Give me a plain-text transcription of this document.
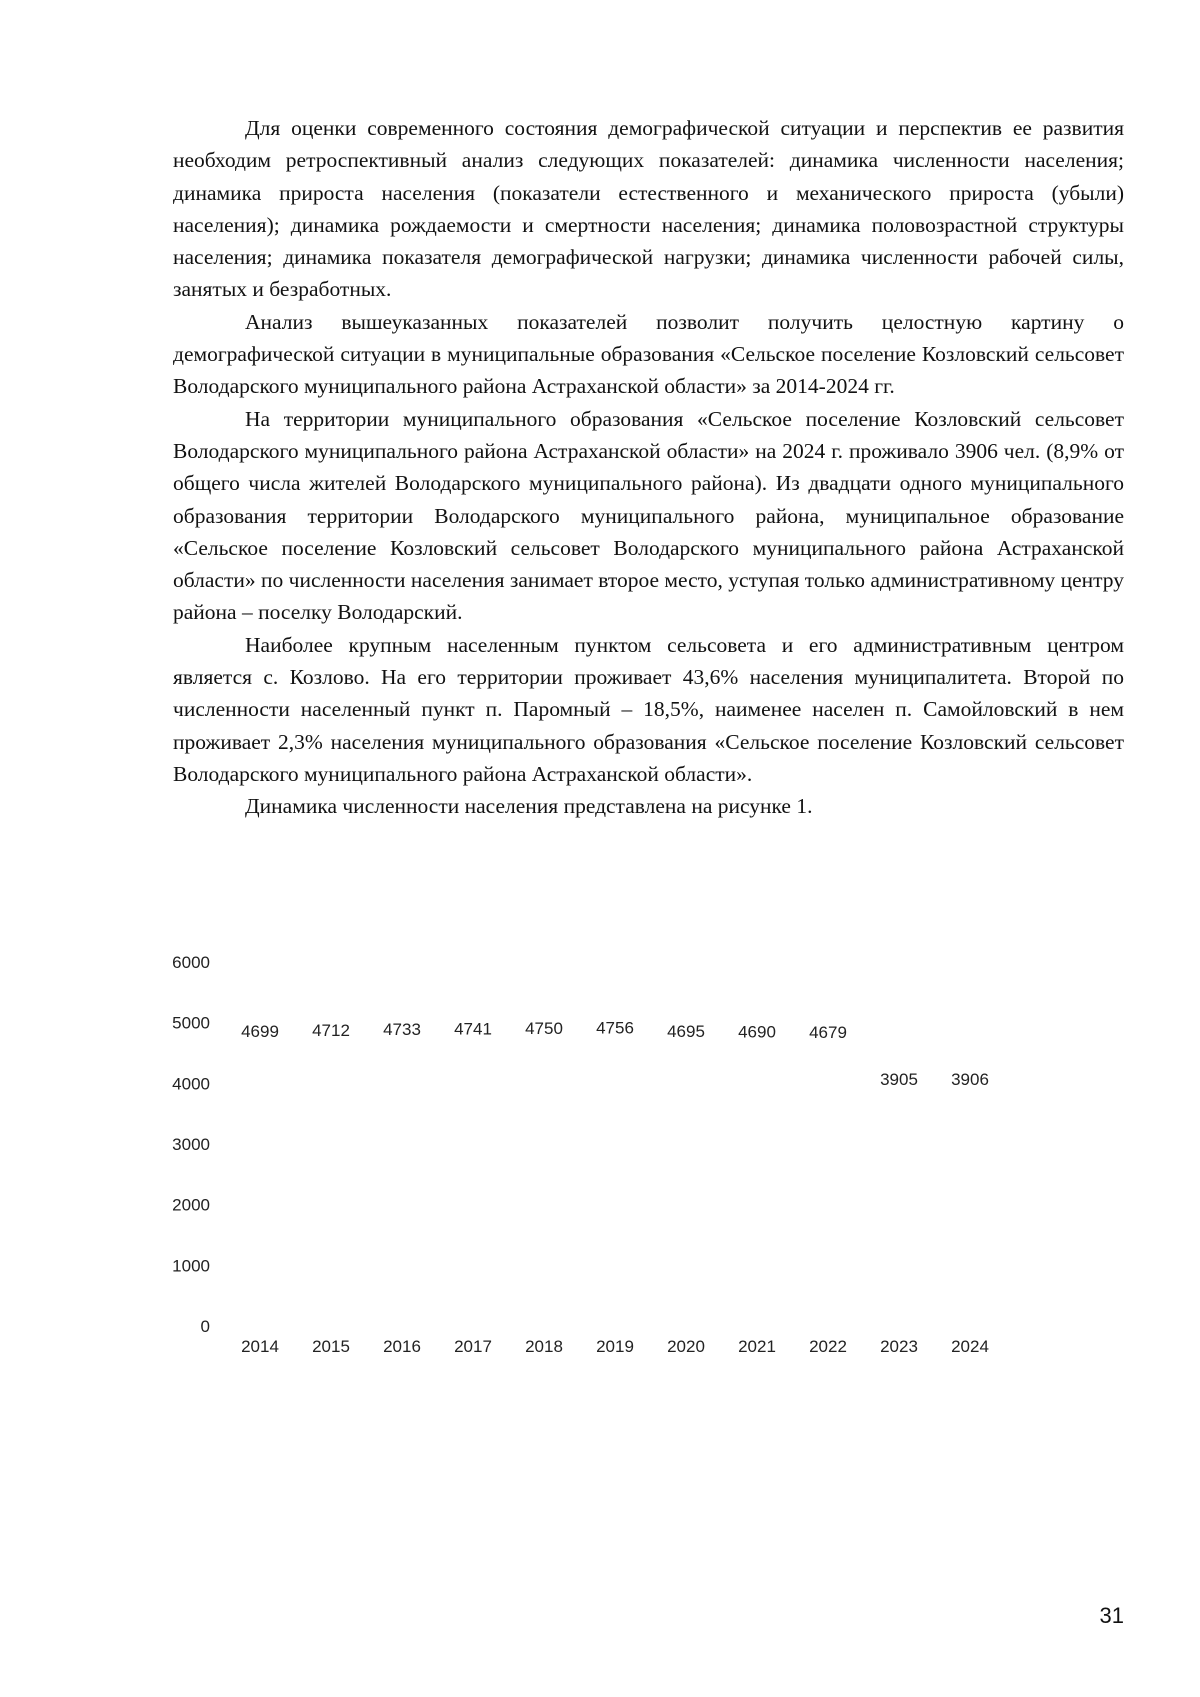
Для оценки современного состояния демографической ситуации и перспектив ее развития необходим ретроспективный анализ следующих показателей: динамика численности населения; динамика прироста населения (показатели естественного и механического прироста (убыли) населения); динамика рождаемости и смертности населения; динамика половозрастной структуры населения; динамика показателя демографической нагрузки; динамика численности рабочей силы, занятых и безработных.

Анализ вышеуказанных показателей позволит получить целостную картину о демографической ситуации в муниципальные образования «Сельское поселение Козловский сельсовет Володарского муниципального района Астраханской области» за 2014-2024 гг.

На территории муниципального образования «Сельское поселение Козловский сельсовет Володарского муниципального района Астраханской области» на 2024 г. проживало 3906 чел. (8,9% от общего числа жителей Володарского муниципального района). Из двадцати одного муниципального образования территории Володарского муниципального района, муниципальное образование «Сельское поселение Козловский сельсовет Володарского муниципального района Астраханской области» по численности населения занимает второе место, уступая только административному центру района – поселку Володарский.

Наиболее крупным населенным пунктом сельсовета и его административным центром является с. Козлово. На его территории проживает 43,6% населения муниципалитета. Второй по численности населенный пункт п. Паромный – 18,5%, наименее населен п. Самойловский в нем проживает 2,3% населения муниципального образования «Сельское поселение Козловский сельсовет Володарского муниципального района Астраханской области».

Динамика численности населения представлена на рисунке 1.

0
1000
2000
3000
4000
5000
6000
2014
4699
2015
4712
2016
4733
2017
4741
2018
4750
2019
4756
2020
4695
2021
4690
2022
4679
2023
3905
2024
3906
31
